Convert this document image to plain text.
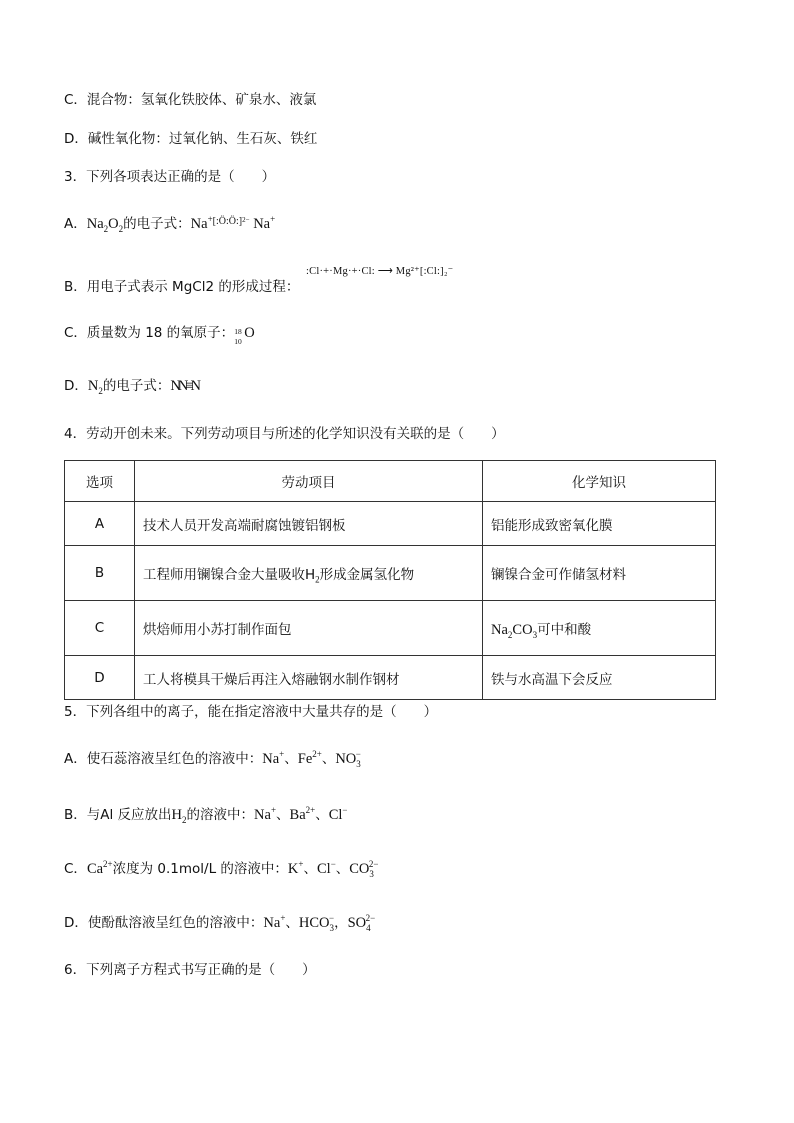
C．混合物：氢氧化铁胶体、矿泉水、液氯
D．碱性氧化物：过氧化钠、生石灰、铁红
3．下列各项表达正确的是（　　）
A．$Na_2O_2$的电子式：$Na^{+[:Ö:Ö:]2-}$ Na+
B．用电子式表示 MgCl2 的形成过程：
:Cl·+·Mg·+·Cl: ⟶ Mg²⁺[:Cl:]₂⁻
C．质量数为 18 的氧原子： 18
10
O
D．$N_2$的电子式：NN≡N
4．劳动开创未来。下列劳动项目与所述的化学知识没有关联的是（　　）
选项	劳动项目	化学知识
A	技术人员开发高端耐腐蚀镀铝钢板	铝能形成致密氧化膜
B	工程师用镧镍合金大量吸收$H_2$形成金属氢化物	镧镍合金可作储氢材料
C	烘焙师用小苏打制作面包	$Na_2CO_3$可中和酸
D	工人将模具干燥后再注入熔融钢水制作钢材	铁与水高温下会反应
5．下列各组中的离子，能在指定溶液中大量共存的是（　　）
A．使石蕊溶液呈红色的溶液中：Na+、$Fe^{2+}$、$NO_3^-$
B．与Al 反应放出$H_2$的溶液中：Na+、$Ba^{2+}$、Cl−
C．$Ca^{2+}$浓度为 0.1mol/L 的溶液中：K+、Cl−、$CO_3^{2-}$
D．使酚酞溶液呈红色的溶液中：Na+、$HCO_3^-$，$SO_4^{2-}$
6．下列离子方程式书写正确的是（　　）
